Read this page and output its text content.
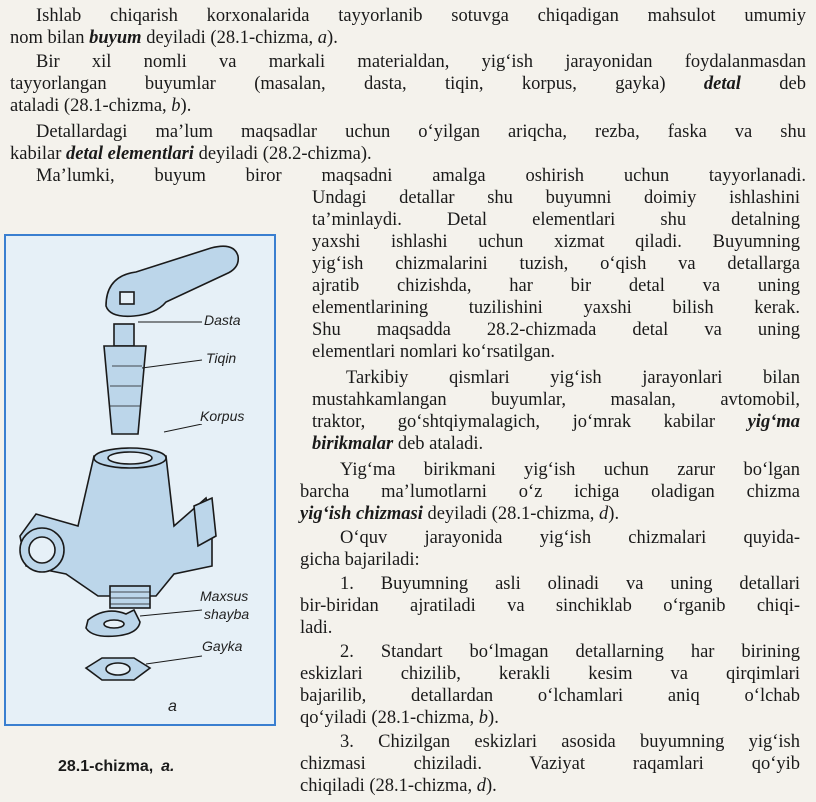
Ishlab chiqarish korxonalarida tayyorlanib sotuvga chiqadigan mahsulot umumiy
nom bilan buyum deyiladi (28.1-chizma, a).
Bir xil nomli va markali materialdan, yig‘ish jarayonidan foydalanmasdan
tayyorlangan buyumlar (masalan, dasta, tiqin, korpus, gayka) detal deb
ataladi (28.1-chizma, b).
Detallardagi ma’lum maqsadlar uchun o‘yilgan ariqcha, rezba, faska va shu
kabilar detal elementlari deyiladi (28.2-chizma).
Ma’lumki, buyum biror maqsadni amalga oshirish uchun tayyorlanadi.
Undagi detallar shu buyumni doimiy ishlashini
ta’minlaydi. Detal elementlari shu detalning
yaxshi ishlashi uchun xizmat qiladi. Buyumning
yig‘ish chizmalarini tuzish, o‘qish va detallarga
ajratib chizishda, har bir detal va uning
elementlarining tuzilishini yaxshi bilish kerak.
Shu maqsadda 28.2-chizmada detal va uning
elementlari nomlari ko‘rsatilgan.
Tarkibiy qismlari yig‘ish jarayonlari bilan
mustahkamlangan buyumlar, masalan, avtomobil,
traktor, go‘shtqiymalagich, jo‘mrak kabilar yig‘ma
birikmalar deb ataladi.
Yig‘ma birikmani yig‘ish uchun zarur bo‘lgan
barcha ma’lumotlarni o‘z ichiga oladigan chizma
yig‘ish chizmasi deyiladi (28.1-chizma, d).
O‘quv jarayonida yig‘ish chizmalari quyida-
gicha bajariladi:
1. Buyumning asli olinadi va uning detallari
bir-biridan ajratiladi va sinchiklab o‘rganib chiqi-
ladi.
2. Standart bo‘lmagan detallarning har birining
eskizlari chizilib, kerakli kesim va qirqimlari
bajarilib, detallardan o‘lchamlari aniq o‘lchab
qo‘yiladi (28.1-chizma, b).
3. Chizilgan eskizlari asosida buyumning yig‘ish
chizmasi chiziladi. Vaziyat raqamlari qo‘yib
chiqiladi (28.1-chizma, d).
Dasta
Tiqin
Korpus
Maxsus
shayba
Gayka
a
28.1-chizma, a.
